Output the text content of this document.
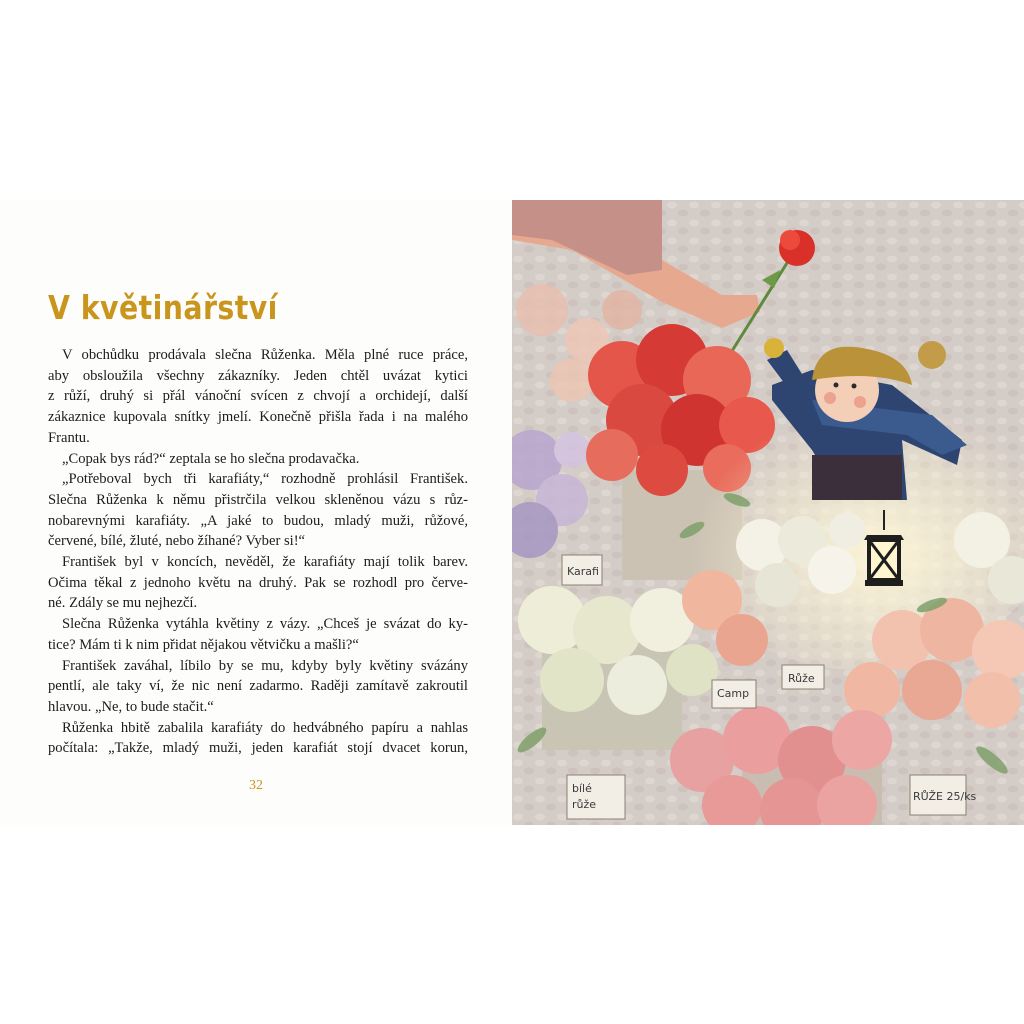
V květinářství
V obchůdku prodávala slečna Růženka. Měla plné ruce práce,
aby obsloužila všechny zákazníky. Jeden chtěl uvázat kytici
z růží, druhý si přál vánoční svícen z chvojí a orchidejí, další
zákaznice kupovala snítky jmelí. Konečně přišla řada i na malého
Frantu.
„Copak bys rád?“ zeptala se ho slečna prodavačka.
„Potřeboval bych tři karafiáty,“ rozhodně prohlásil František.
Slečna Růženka k němu přistrčila velkou skleněnou vázu s růz-
nobarevnými karafiáty. „A jaké to budou, mladý muži, růžové,
červené, bílé, žluté, nebo žíhané? Vyber si!“
František byl v koncích, nevěděl, že karafiáty mají tolik barev.
Očima těkal z jednoho květu na druhý. Pak se rozhodl pro červe-
né. Zdály se mu nejhezčí.
Slečna Růženka vytáhla květiny z vázy. „Chceš je svázat do ky-
tice? Mám ti k nim přidat nějakou větvičku a mašli?“
František zaváhal, líbilo by se mu, kdyby byly květiny svázány
pentlí, ale taky ví, že nic není zadarmo. Raději zamítavě zakroutil
hlavou. „Ne, to bude stačit.“
Růženka hbitě zabalila karafiáty do hedvábného papíru a nahlas
počítala: „Takže, mladý muži, jeden karafiát stojí dvacet korun,
32
Karafi
Růže
Camp
bílé
růže
RŮŽE 25/ks
